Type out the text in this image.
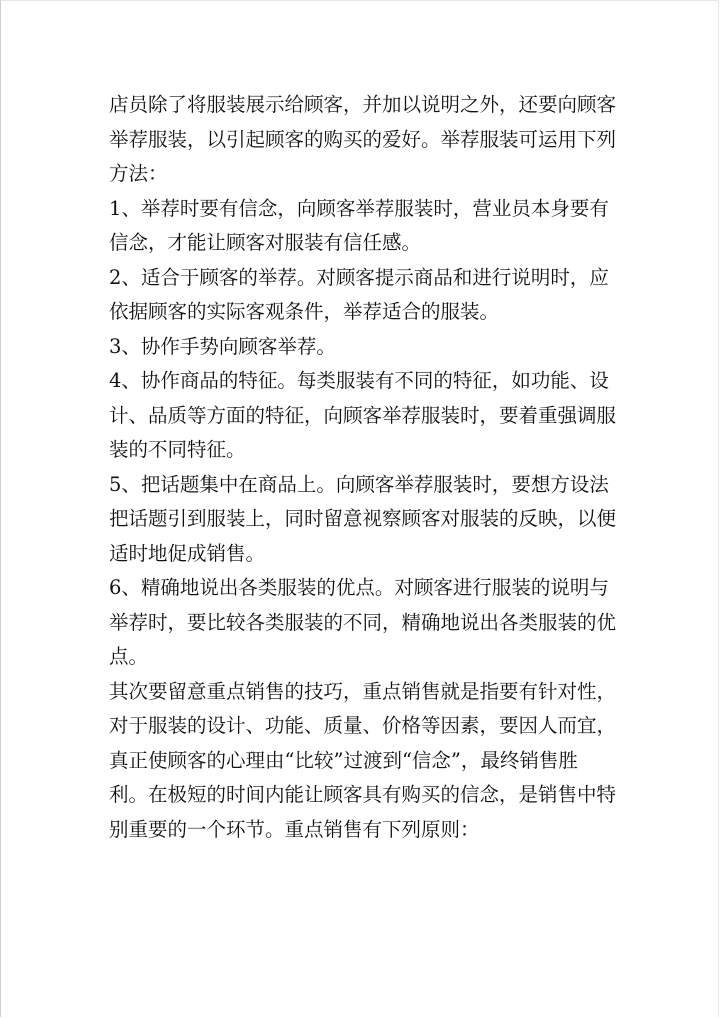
店员除了将服装展示给顾客，并加以说明之外，还要向顾客
举荐服装，以引起顾客的购买的爱好。举荐服装可运用下列
方法：
1、举荐时要有信念，向顾客举荐服装时，营业员本身要有
信念，才能让顾客对服装有信任感。
2、适合于顾客的举荐。对顾客提示商品和进行说明时，应
依据顾客的实际客观条件，举荐适合的服装。
3、协作手势向顾客举荐。
4、协作商品的特征。每类服装有不同的特征，如功能、设
计、品质等方面的特征，向顾客举荐服装时，要着重强调服
装的不同特征。
5、把话题集中在商品上。向顾客举荐服装时，要想方设法
把话题引到服装上，同时留意视察顾客对服装的反映，以便
适时地促成销售。
6、精确地说出各类服装的优点。对顾客进行服装的说明与
举荐时，要比较各类服装的不同，精确地说出各类服装的优
点。
其次要留意重点销售的技巧，重点销售就是指要有针对性，
对于服装的设计、功能、质量、价格等因素，要因人而宜，
真正使顾客的心理由“比较”过渡到“信念”，最终销售胜
利。在极短的时间内能让顾客具有购买的信念，是销售中特
别重要的一个环节。重点销售有下列原则：
